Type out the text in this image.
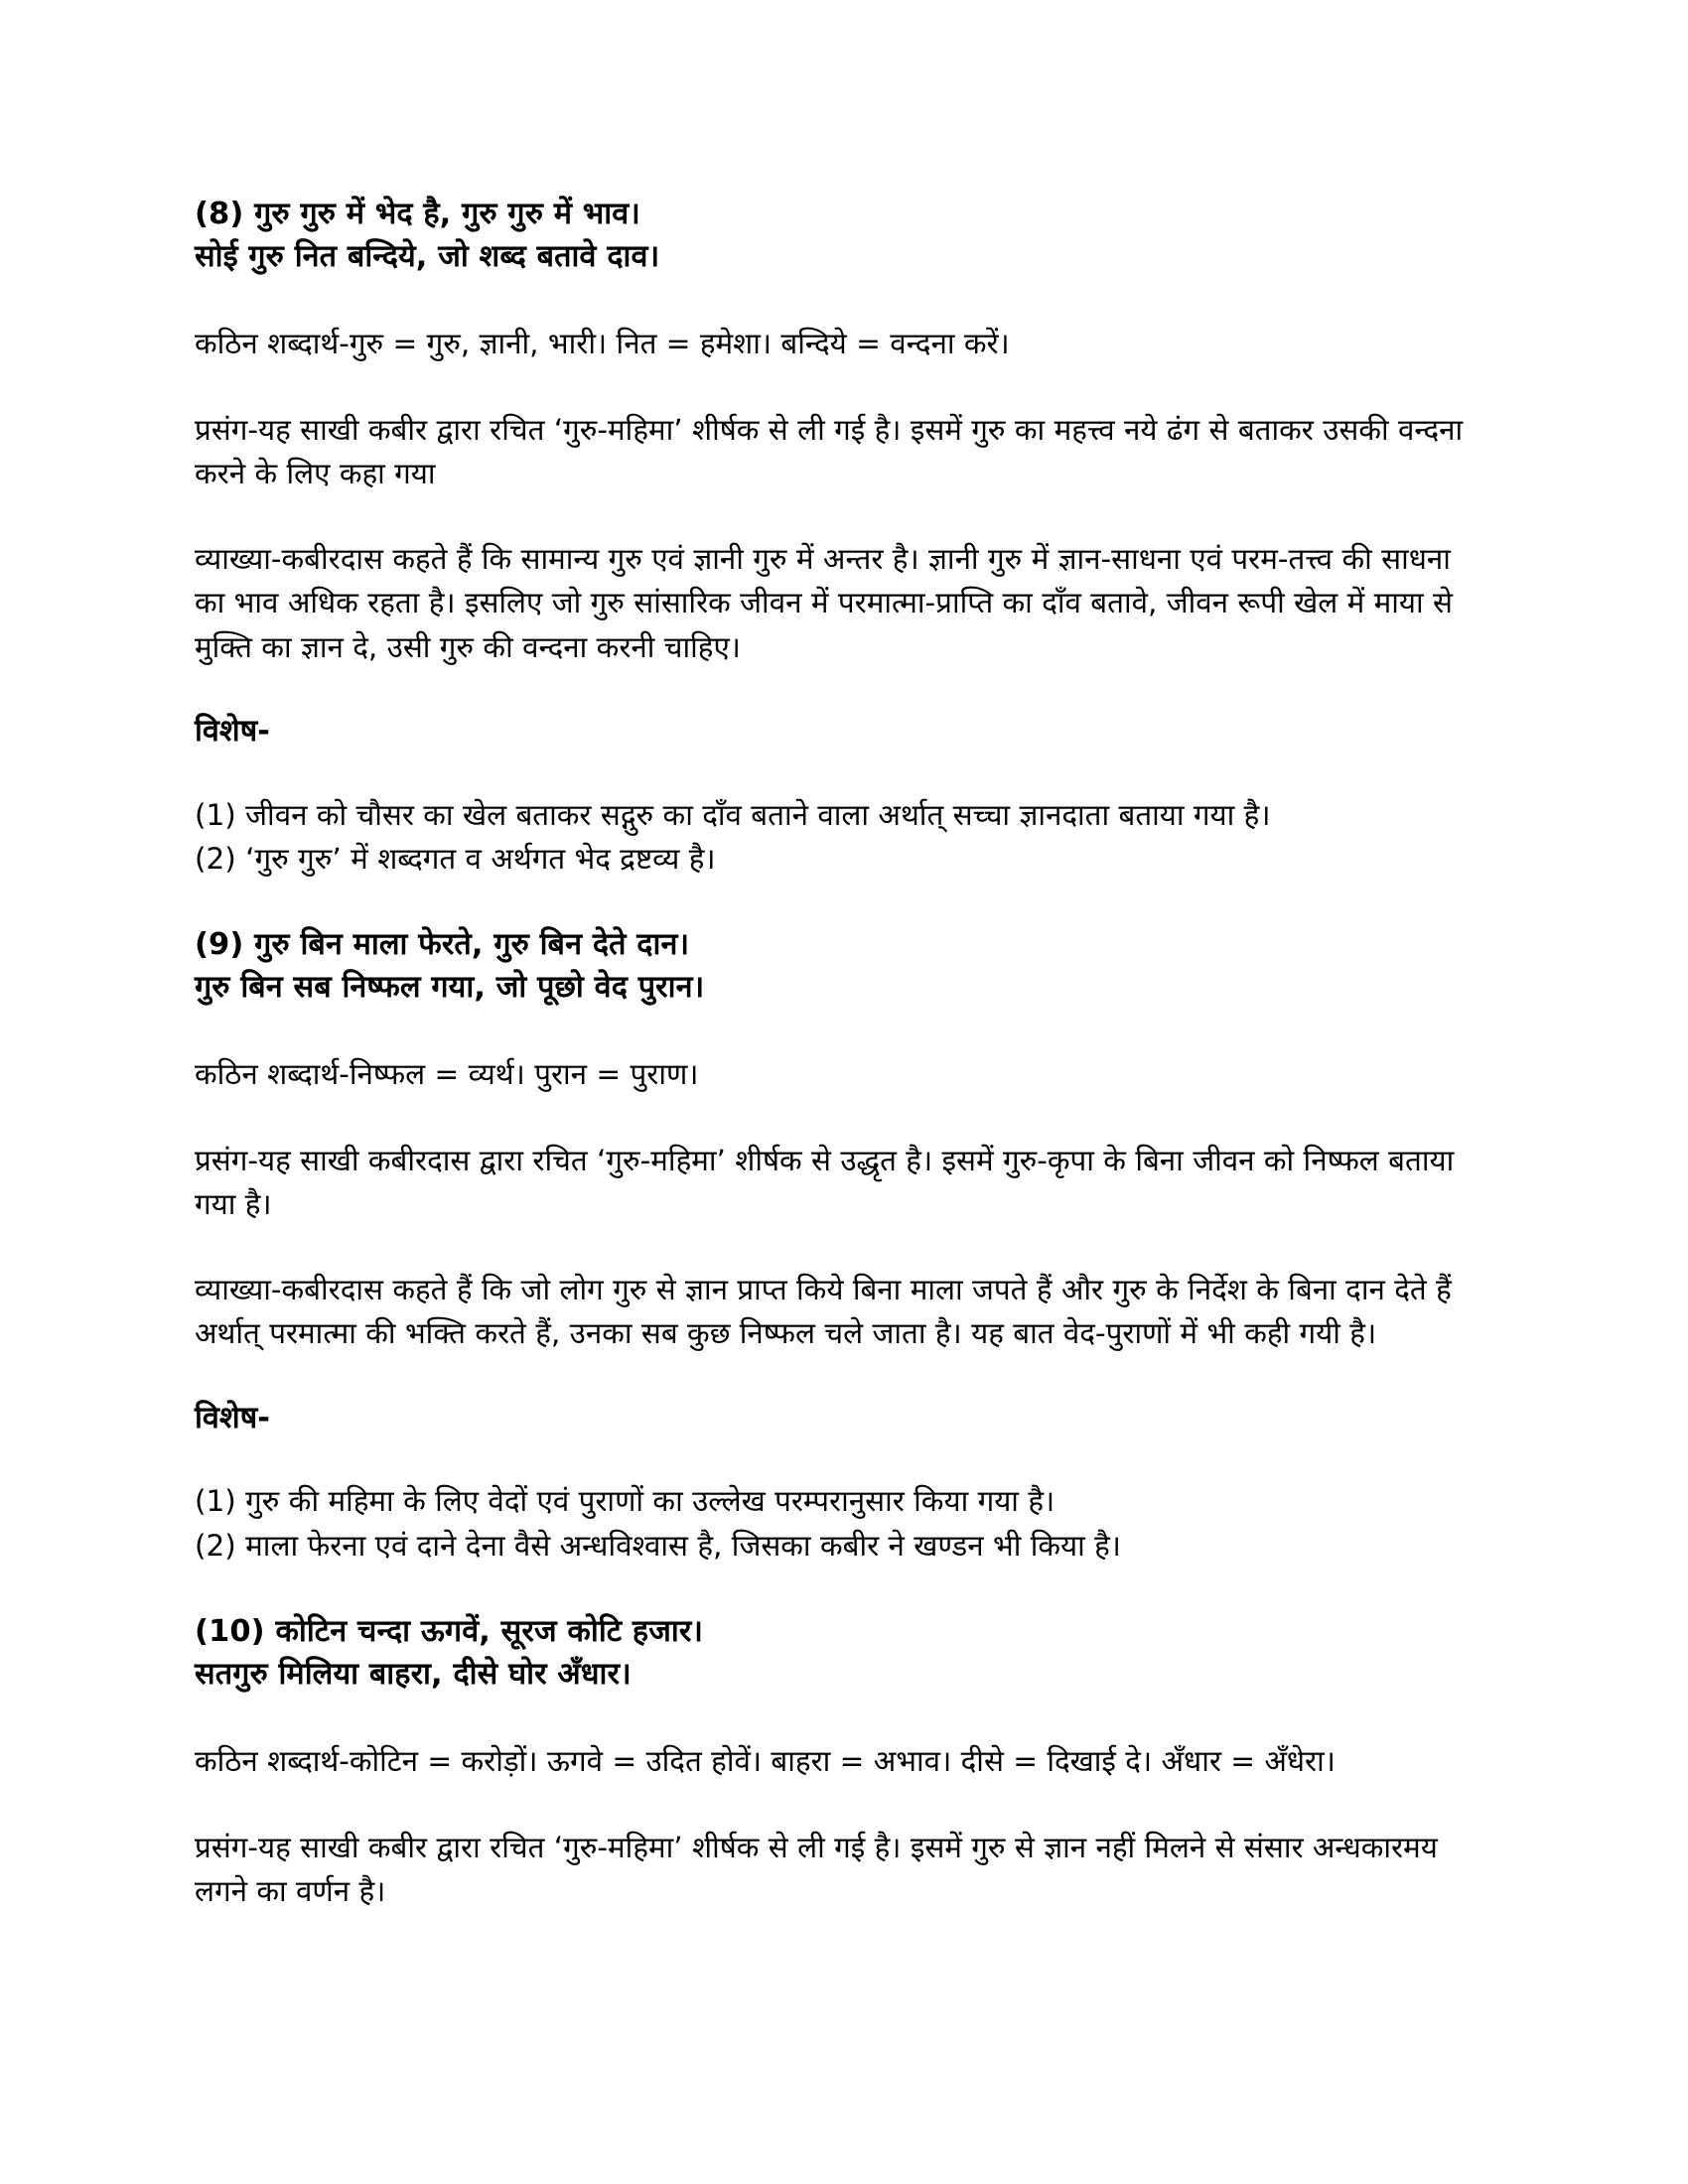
(8) गुरु गुरु में भेद है, गुरु गुरु में भाव।
सोई गुरु नित बन्दिये, जो शब्द बतावे दाव।

कठिन शब्दार्थ-गुरु = गुरु, ज्ञानी, भारी। नित = हमेशा। बन्दिये = वन्दना करें।

प्रसंग-यह साखी कबीर द्वारा रचित ‘गुरु-महिमा’ शीर्षक से ली गई है। इसमें गुरु का महत्त्व नये ढंग से बताकर उसकी वन्दना करने के लिए कहा गया

व्याख्या-कबीरदास कहते हैं कि सामान्य गुरु एवं ज्ञानी गुरु में अन्तर है। ज्ञानी गुरु में ज्ञान-साधना एवं परम-तत्त्व की साधना का भाव अधिक रहता है। इसलिए जो गुरु सांसारिक जीवन में परमात्मा-प्राप्ति का दाँव बतावे, जीवन रूपी खेल में माया से मुक्ति का ज्ञान दे, उसी गुरु की वन्दना करनी चाहिए।

विशेष-
(1) जीवन को चौसर का खेल बताकर सद्गुरु का दाँव बताने वाला अर्थात् सच्चा ज्ञानदाता बताया गया है।
(2) ‘गुरु गुरु’ में शब्दगत व अर्थगत भेद द्रष्टव्य है।
(9) गुरु बिन माला फेरते, गुरु बिन देते दान।
गुरु बिन सब निष्फल गया, जो पूछो वेद पुरान।

कठिन शब्दार्थ-निष्फल = व्यर्थ। पुरान = पुराण।

प्रसंग-यह साखी कबीरदास द्वारा रचित ‘गुरु-महिमा’ शीर्षक से उद्धृत है। इसमें गुरु-कृपा के बिना जीवन को निष्फल बताया गया है।

व्याख्या-कबीरदास कहते हैं कि जो लोग गुरु से ज्ञान प्राप्त किये बिना माला जपते हैं और गुरु के निर्देश के बिना दान देते हैं अर्थात् परमात्मा की भक्ति करते हैं, उनका सब कुछ निष्फल चले जाता है। यह बात वेद-पुराणों में भी कही गयी है।

विशेष-
(1) गुरु की महिमा के लिए वेदों एवं पुराणों का उल्लेख परम्परानुसार किया गया है।
(2) माला फेरना एवं दाने देना वैसे अन्धविश्वास है, जिसका कबीर ने खण्डन भी किया है।
(10) कोटिन चन्दा ऊगवें, सूरज कोटि हजार।
सतगुरु मिलिया बाहरा, दीसे घोर अँधार।

कठिन शब्दार्थ-कोटिन = करोड़ों। ऊगवे = उदित होवें। बाहरा = अभाव। दीसे = दिखाई दे। अँधार = अँधेरा।

प्रसंग-यह साखी कबीर द्वारा रचित ‘गुरु-महिमा’ शीर्षक से ली गई है। इसमें गुरु से ज्ञान नहीं मिलने से संसार अन्धकारमय लगने का वर्णन है।
